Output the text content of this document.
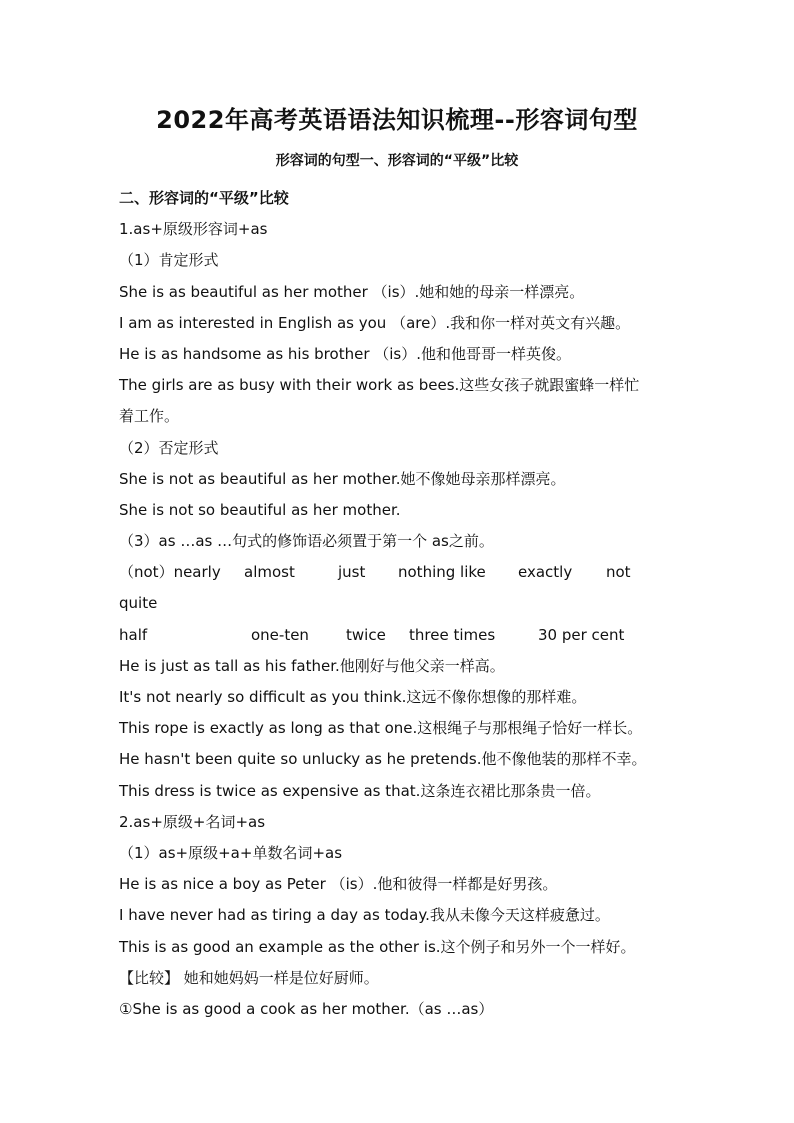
2022年高考英语语法知识梳理--形容词句型
形容词的句型一、形容词的“平级”比较
二、形容词的“平级”比较
1.as+原级形容词+as
（1）肯定形式
She is as beautiful as her mother （is）.她和她的母亲一样漂亮。
I am as interested in English as you （are）.我和你一样对英文有兴趣。
He is as handsome as his brother （is）.他和他哥哥一样英俊。
The girls are as busy with their work as bees.这些女孩子就跟蜜蜂一样忙
着工作。
（2）否定形式
She is not as beautiful as her mother.她不像她母亲那样漂亮。
She is not so beautiful as her mother.
（3）as …as …句式的修饰语必须置于第一个 as之前。
（not）nearly	almost	just	nothing like	exactly	not
quite
half	one-ten	twice	three times	30 per cent
He is just as tall as his father.他刚好与他父亲一样高。
It's not nearly so difficult as you think.这远不像你想像的那样难。
This rope is exactly as long as that one.这根绳子与那根绳子恰好一样长。
He hasn't been quite so unlucky as he pretends.他不像他装的那样不幸。
This dress is twice as expensive as that.这条连衣裙比那条贵一倍。
2.as+原级+名词+as
（1）as+原级+a+单数名词+as
He is as nice a boy as Peter （is）.他和彼得一样都是好男孩。
I have never had as tiring a day as today.我从未像今天这样疲惫过。
This is as good an example as the other is.这个例子和另外一个一样好。
【比较】 她和她妈妈一样是位好厨师。
①She is as good a cook as her mother.（as …as）
